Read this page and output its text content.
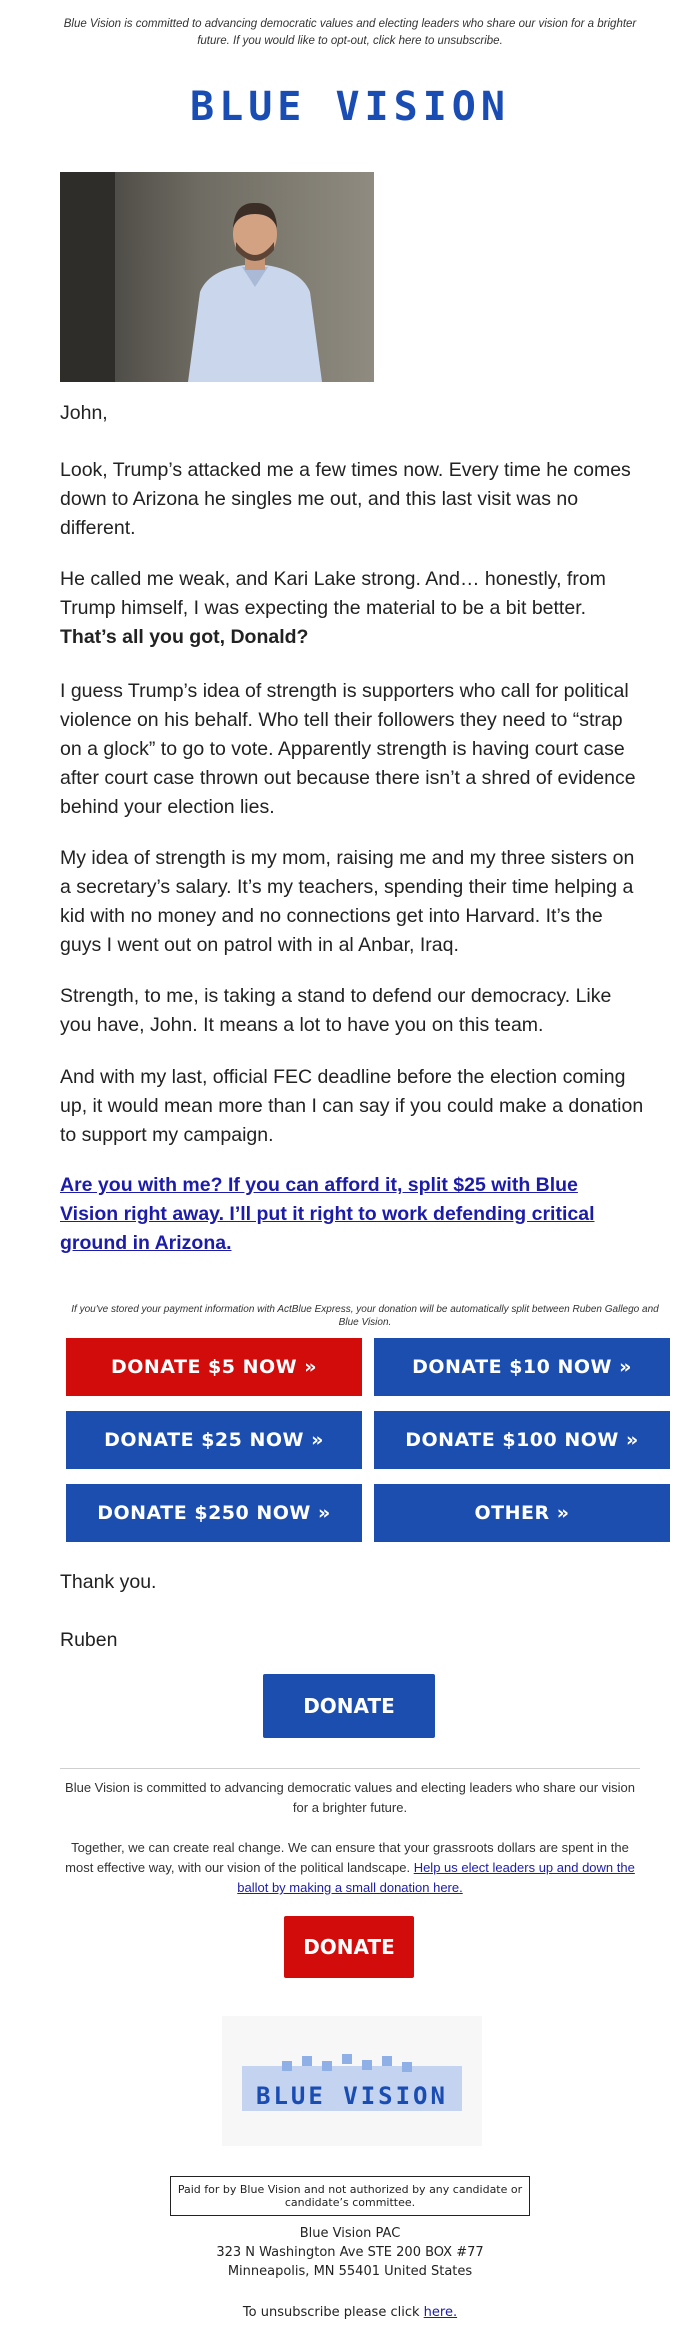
Blue Vision is committed to advancing democratic values and electing leaders who share our vision for a brighter future. If you would like to opt-out, click here to unsubscribe.
BLUE VISION
John,

Look, Trump’s attacked me a few times now. Every time he comes down to Arizona he singles me out, and this last visit was no different.

He called me weak, and Kari Lake strong. And… honestly, from Trump himself, I was expecting the material to be a bit better.

That’s all you got, Donald?

I guess Trump’s idea of strength is supporters who call for political violence on his behalf. Who tell their followers they need to “strap on a glock” to go to vote. Apparently strength is having court case after court case thrown out because there isn’t a shred of evidence behind your election lies.

My idea of strength is my mom, raising me and my three sisters on a secretary’s salary. It’s my teachers, spending their time helping a kid with no money and no connections get into Harvard. It’s the guys I went out on patrol with in al Anbar, Iraq.

Strength, to me, is taking a stand to defend our democracy. Like you have, John. It means a lot to have you on this team.

And with my last, official FEC deadline before the election coming up, it would mean more than I can say if you could make a donation to support my campaign.

Are you with me? If you can afford it, split $25 with Blue Vision right away. I’ll put it right to work defending critical ground in Arizona.
If you've stored your payment information with ActBlue Express, your donation will be automatically split between Ruben Gallego and Blue Vision.
DONATE $5 NOW »	DONATE $10 NOW »
DONATE $25 NOW »	DONATE $100 NOW »
DONATE $250 NOW »	OTHER »
Thank you.
Ruben
DONATE
Blue Vision is committed to advancing democratic values and electing leaders who share our vision for a brighter future.
Together, we can create real change. We can ensure that your grassroots dollars are spent in the most effective way, with our vision of the political landscape. Help us elect leaders up and down the ballot by making a small donation here.
DONATE
BLUE VISION
Paid for by Blue Vision and not authorized by any candidate or candidate’s committee.
Blue Vision PAC
323 N Washington Ave STE 200 BOX #77
Minneapolis, MN 55401 United States
To unsubscribe please click here.
